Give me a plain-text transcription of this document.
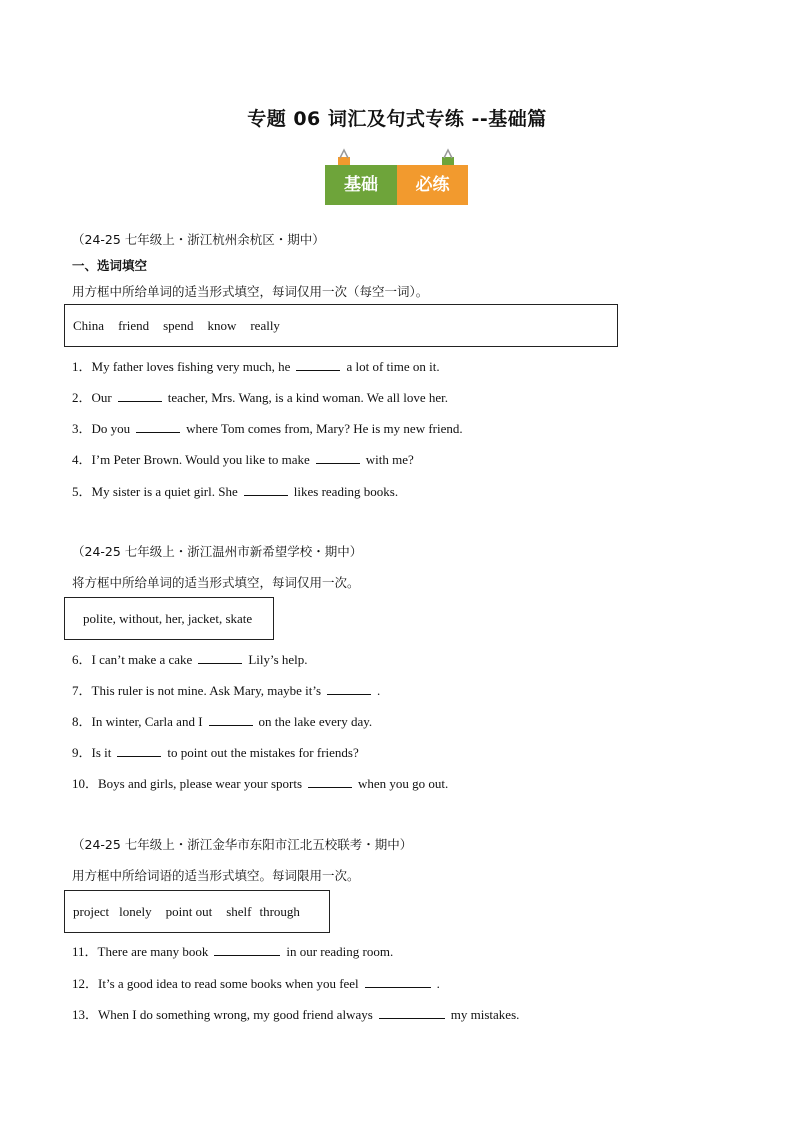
专题 06 词汇及句式专练 --基础篇
基础	必练
（24-25 七年级上・浙江杭州余杭区・期中）
一、选词填空
用方框中所给单词的适当形式填空，每词仅用一次（每空一词）。
China friend spend know really
1．My father loves fishing very much, he	a lot of time on it.
2．Our	teacher, Mrs. Wang, is a kind woman. We all love her.
3．Do you	where Tom comes from, Mary? He is my new friend.
4．I’m Peter Brown. Would you like to make	with me?
5．My sister is a quiet girl. She	likes reading books.
（24-25 七年级上・浙江温州市新希望学校・期中）
将方框中所给单词的适当形式填空，每词仅用一次。
polite, without, her, jacket, skate
6．I can’t make a cake	Lily’s help.
7．This ruler is not mine. Ask Mary, maybe it’s	.
8．In winter, Carla and I	on the lake every day.
9．Is it	to point out the mistakes for friends?
10．Boys and girls, please wear your sports	when you go out.
（24-25 七年级上・浙江金华市东阳市江北五校联考・期中）
用方框中所给词语的适当形式填空。每词限用一次。
project lonely point out shelf through
11．There are many book	in our reading room.
12．It’s a good idea to read some books when you feel	.
13．When I do something wrong, my good friend always	my mistakes.
